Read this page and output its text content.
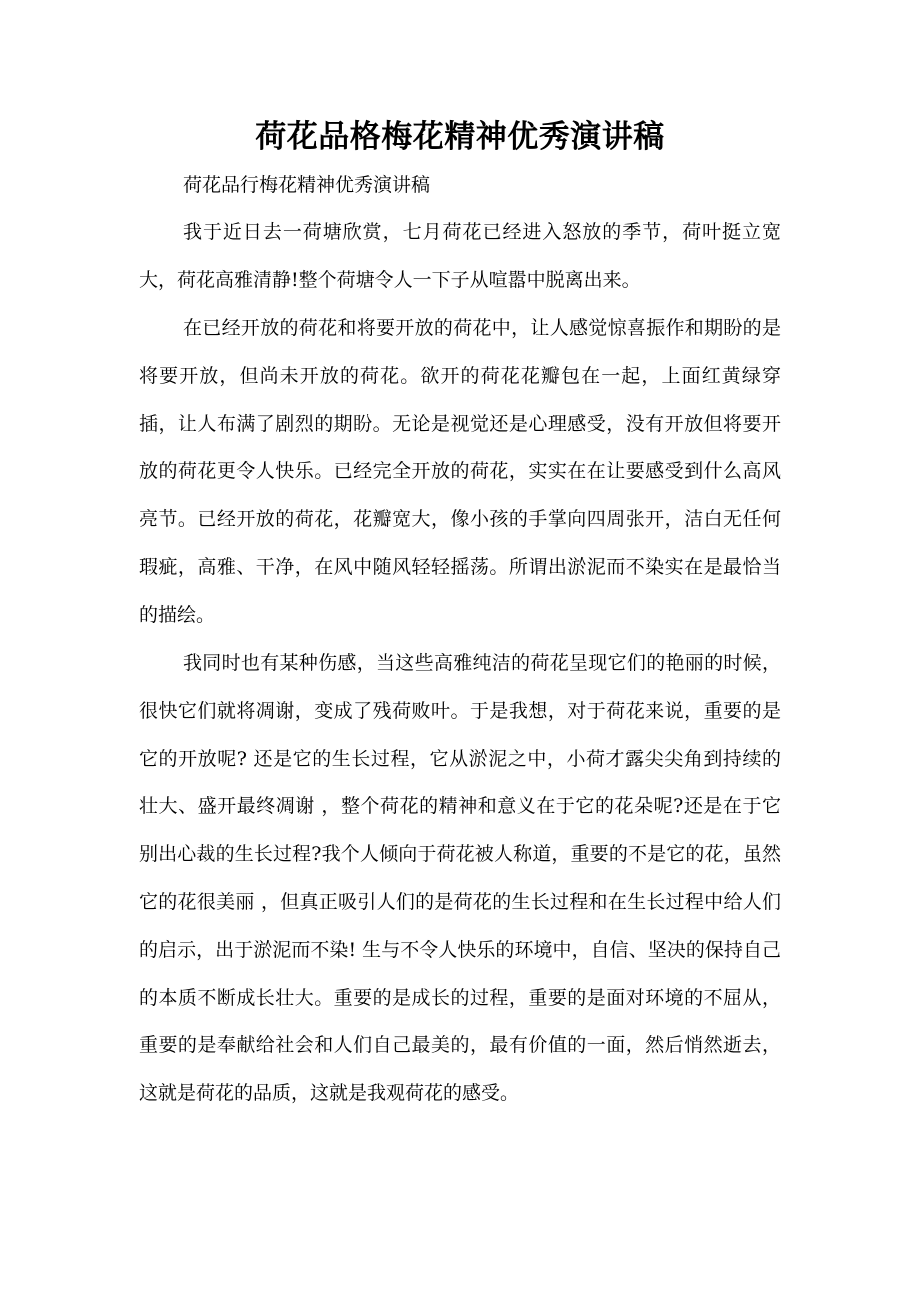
荷花品格梅花精神优秀演讲稿
荷花品行梅花精神优秀演讲稿

我于近日去一荷塘欣赏，七月荷花已经进入怒放的季节，荷叶挺立宽大，荷花高雅清静!整个荷塘令人一下子从喧嚣中脱离出来。

在已经开放的荷花和将要开放的荷花中，让人感觉惊喜振作和期盼的是将要开放，但尚未开放的荷花。欲开的荷花花瓣包在一起，上面红黄绿穿插，让人布满了剧烈的期盼。无论是视觉还是心理感受，没有开放但将要开放的荷花更令人快乐。已经完全开放的荷花，实实在在让要感受到什么高风亮节。已经开放的荷花，花瓣宽大，像小孩的手掌向四周张开，洁白无任何瑕疵，高雅、干净，在风中随风轻轻摇荡。所谓出淤泥而不染实在是最恰当的描绘。

我同时也有某种伤感，当这些高雅纯洁的荷花呈现它们的艳丽的时候，很快它们就将凋谢，变成了残荷败叶。于是我想，对于荷花来说，重要的是它的开放呢? 还是它的生长过程，它从淤泥之中，小荷才露尖尖角到持续的壮大、盛开最终凋谢 ，整个荷花的精神和意义在于它的花朵呢?还是在于它别出心裁的生长过程?我个人倾向于荷花被人称道，重要的不是它的花，虽然它的花很美丽 ，但真正吸引人们的是荷花的生长过程和在生长过程中给人们的启示，出于淤泥而不染! 生与不令人快乐的环境中，自信、坚决的保持自己的本质不断成长壮大。重要的是成长的过程，重要的是面对环境的不屈从，重要的是奉献给社会和人们自己最美的，最有价值的一面，然后悄然逝去，这就是荷花的品质，这就是我观荷花的感受。
